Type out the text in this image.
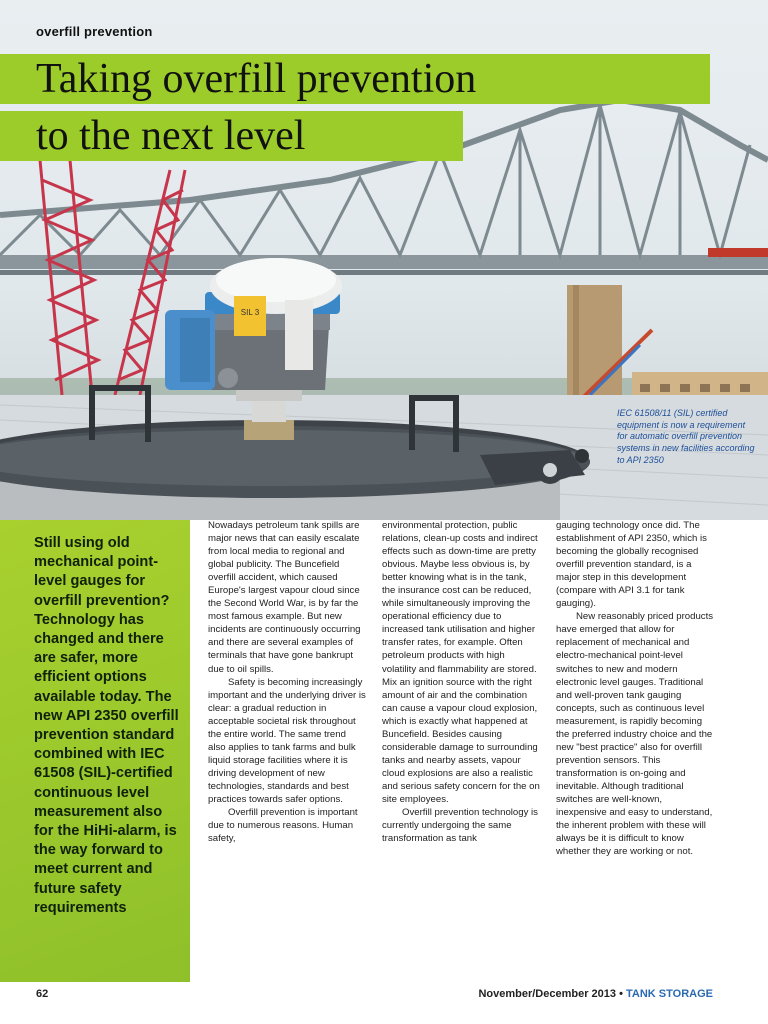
SIL 3
overfill prevention
Taking overfill prevention
to the next level
IEC 61508/11 (SIL) certified equipment is now a requirement for automatic overfill prevention systems in new facilities according to API 2350

Still using old mechanical point-level gauges for overfill prevention? Technology has changed and there are safer, more efficient options available today. The new API 2350 overfill prevention standard combined with IEC 61508 (SIL)-certified continuous level measurement also for the HiHi-alarm, is the way forward to meet current and future safety requirements

Nowadays petroleum tank spills are major news that can easily escalate from local media to regional and global publicity. The Buncefield overfill accident, which caused Europe's largest vapour cloud since the Second World War, is by far the most famous example. But new incidents are continuously occurring and there are several examples of terminals that have gone bankrupt due to oil spills.

Safety is becoming increasingly important and the underlying driver is clear: a gradual reduction in acceptable societal risk throughout the entire world. The same trend also applies to tank farms and bulk liquid storage facilities where it is driving development of new technologies, standards and best practices towards safer options.

Overfill prevention is important due to numerous reasons. Human safety,

environmental protection, public relations, clean-up costs and indirect effects such as down-time are pretty obvious. Maybe less obvious is, by better knowing what is in the tank, the insurance cost can be reduced, while simultaneously improving the operational efficiency due to increased tank utilisation and higher transfer rates, for example. Often petroleum products with high volatility and flammability are stored. Mix an ignition source with the right amount of air and the combination can cause a vapour cloud explosion, which is exactly what happened at Buncefield. Besides causing considerable damage to surrounding tanks and nearby assets, vapour cloud explosions are also a realistic and serious safety concern for the on site employees.

Overfill prevention technology is currently undergoing the same transformation as tank

gauging technology once did. The establishment of API 2350, which is becoming the globally recognised overfill prevention standard, is a major step in this development (compare with API 3.1 for tank gauging).

New reasonably priced products have emerged that allow for replacement of mechanical and electro-mechanical point-level switches to new and modern electronic level gauges. Traditional and well-proven tank gauging concepts, such as continuous level measurement, is rapidly becoming the preferred industry choice and the new "best practice" also for overfill prevention sensors. This transformation is on-going and inevitable. Although traditional switches are well-known, inexpensive and easy to understand, the inherent problem with these will always be it is difficult to know whether they are working or not.

62	November/December 2013 • TANK STORAGE
